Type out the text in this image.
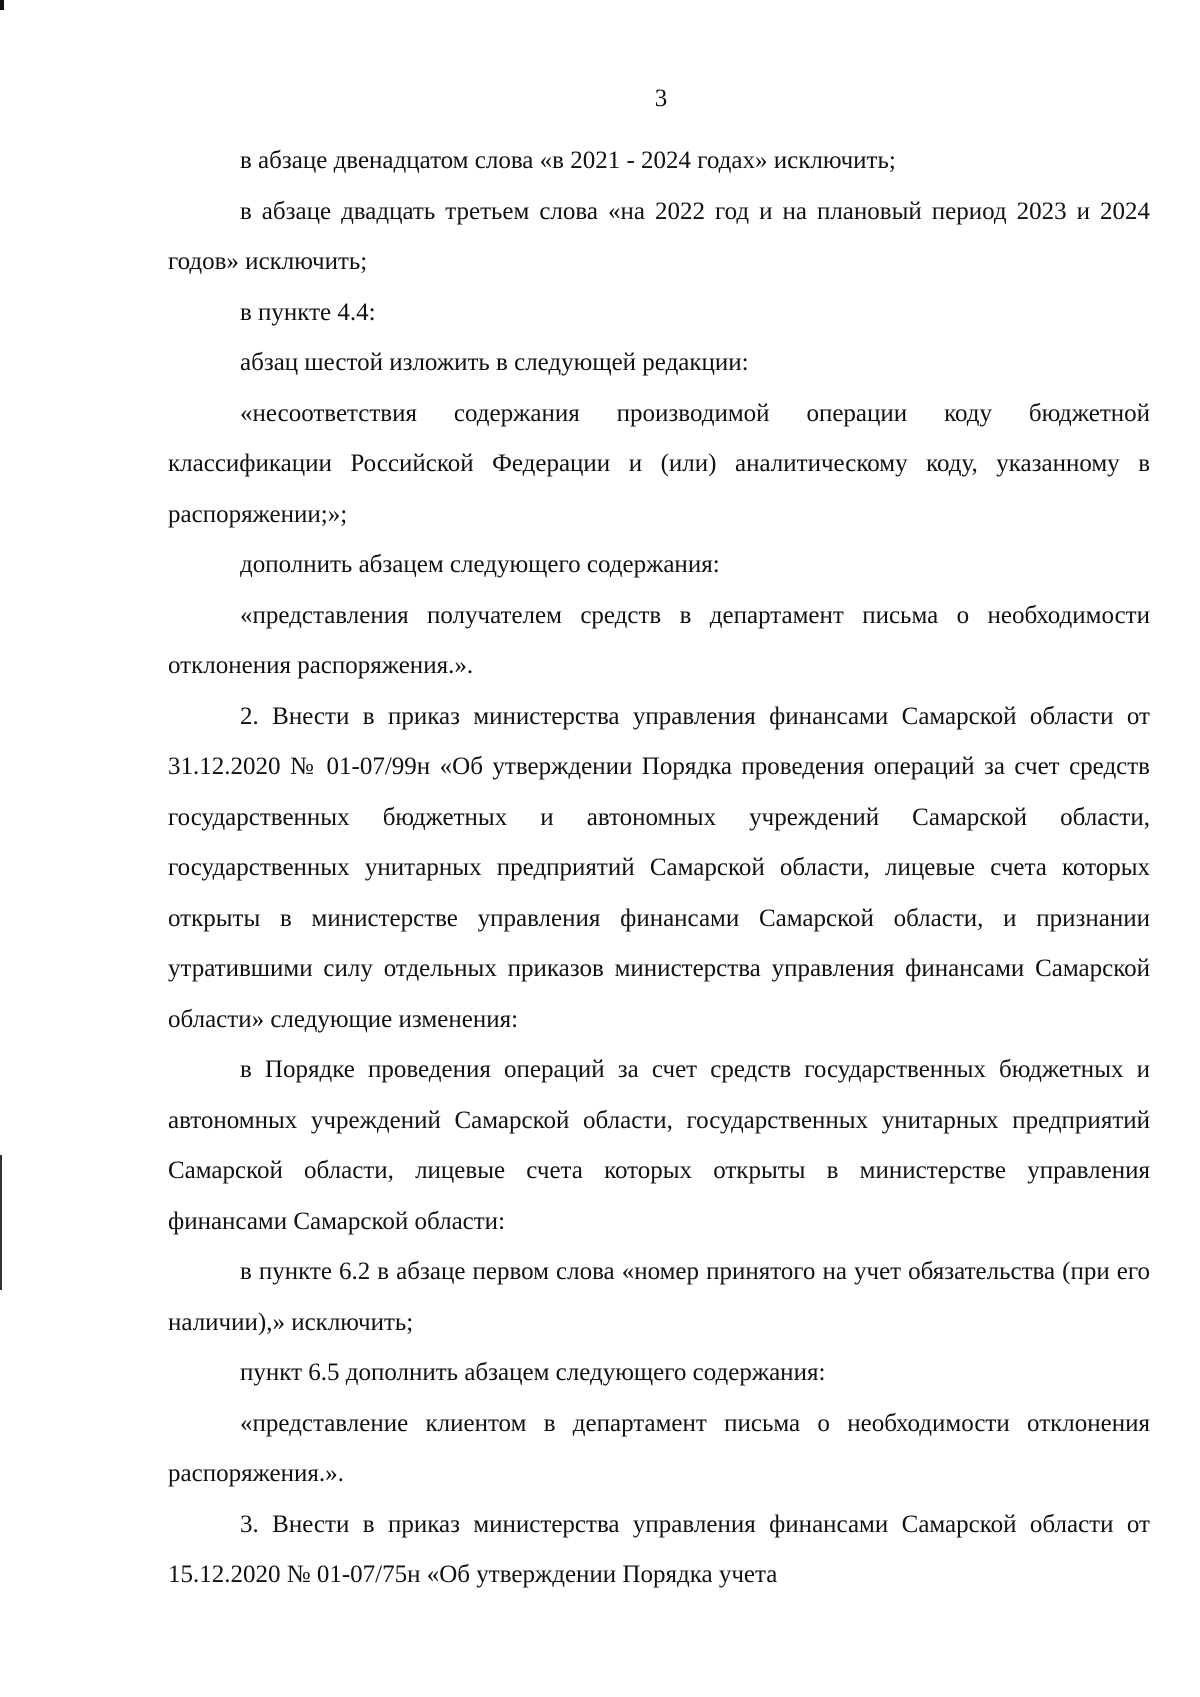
3

в абзаце двенадцатом слова «в 2021 - 2024 годах» исключить;

в абзаце двадцать третьем слова «на 2022 год и на плановый период 2023 и 2024 годов» исключить;

в пункте 4.4:

абзац шестой изложить в следующей редакции:

«несоответствия содержания производимой операции коду бюджетной классификации Российской Федерации и (или) аналитическому коду, указанному в распоряжении;»;

дополнить абзацем следующего содержания:

«представления получателем средств в департамент письма о необходимости отклонения распоряжения.».

2. Внести в приказ министерства управления финансами Самарской области от 31.12.2020 № 01-07/99н «Об утверждении Порядка проведения операций за счет средств государственных бюджетных и автономных учреждений Самарской области, государственных унитарных предприятий Самарской области, лицевые счета которых открыты в министерстве управления финансами Самарской области, и признании утратившими силу отдельных приказов министерства управления финансами Самарской области» следующие изменения:

в Порядке проведения операций за счет средств государственных бюджетных и автономных учреждений Самарской области, государственных унитарных предприятий Самарской области, лицевые счета которых открыты в министерстве управления финансами Самарской области:

в пункте 6.2 в абзаце первом слова «номер принятого на учет обязательства (при его наличии),» исключить;

пункт 6.5 дополнить абзацем следующего содержания:

«представление клиентом в департамент письма о необходимости отклонения распоряжения.».

3. Внести в приказ министерства управления финансами Самарской области от 15.12.2020 № 01-07/75н «Об утверждении Порядка учета
